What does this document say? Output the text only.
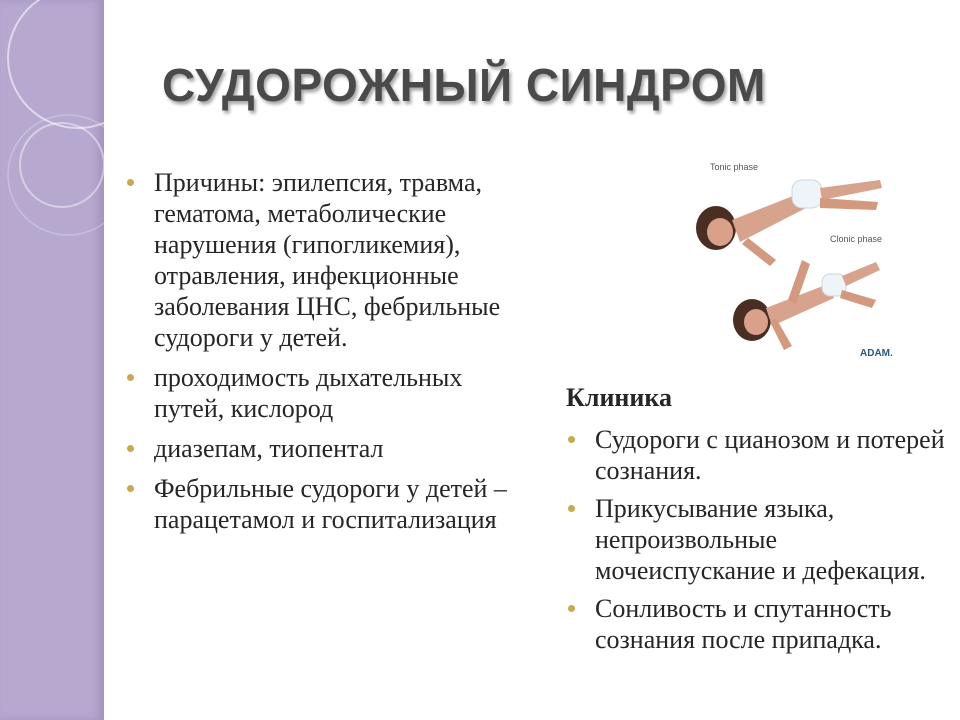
СУДОРОЖНЫЙ СИНДРОМ
Причины: эпилепсия, травма, гематома, метаболические нарушения (гипогликемия), отравления, инфекционные заболевания ЦНС, фебрильные судороги у детей.
проходимость дыхательных путей, кислород
диазепам, тиопентал
Фебрильные судороги у детей – парацетамол и госпитализация
Tonic phase
Clonic phase
ADAM.
Клиника
Судороги с цианозом и потерей сознания.
Прикусывание языка, непроизвольные мочеиспускание и дефекация.
Сонливость и спутанность сознания после припадка.
